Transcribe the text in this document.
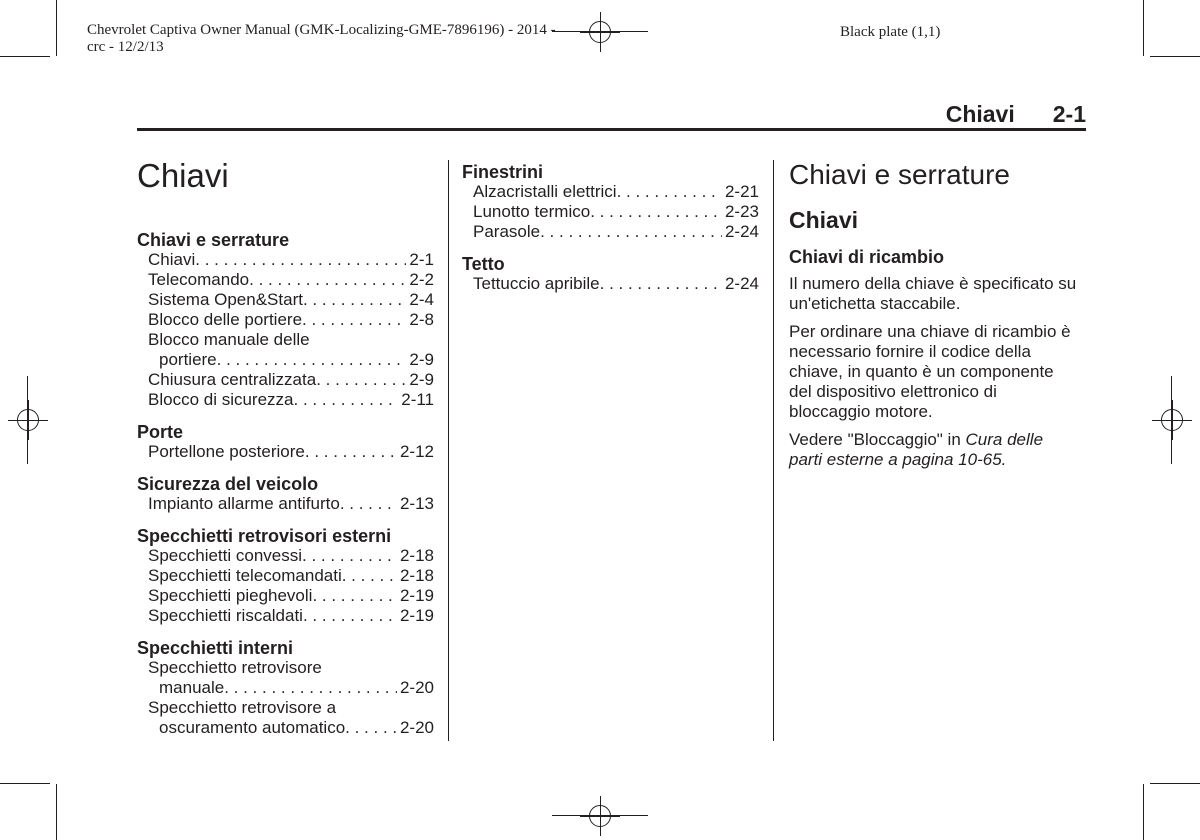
Chevrolet Captiva Owner Manual (GMK-Localizing-GME-7896196) - 2014 -
crc - 12/2/13
Black plate (1,1)
Chiavi 2-1
Chiavi
Chiavi e serrature
Chiavi . . .	2-1
Telecomando . . .	2-2
Sistema Open&Start . . .	2-4
Blocco delle portiere . . .	2-8
Blocco manuale delle
portiere . . .	2-9
Chiusura centralizzata . . .	2-9
Blocco di sicurezza . . .	2-11
Porte
Portellone posteriore . . .	2-12
Sicurezza del veicolo
Impianto allarme antifurto . . .	2-13
Specchietti retrovisori esterni
Specchietti convessi . . .	2-18
Specchietti telecomandati . . .	2-18
Specchietti pieghevoli . . .	2-19
Specchietti riscaldati . . .	2-19
Specchietti interni
Specchietto retrovisore
manuale . . .	2-20
Specchietto retrovisore a
oscuramento automatico . . .	2-20
Finestrini
Alzacristalli elettrici . . .	2-21
Lunotto termico . . .	2-23
Parasole . . .	2-24
Tetto
Tettuccio apribile . . .	2-24
Chiavi e serrature
Chiavi
Chiavi di ricambio

Il numero della chiave è specificato su un'etichetta staccabile.

Per ordinare una chiave di ricambio è necessario fornire il codice della chiave, in quanto è un componente del dispositivo elettronico di bloccaggio motore.

Vedere "Bloccaggio" in Cura delle parti esterne a pagina 10-65.
